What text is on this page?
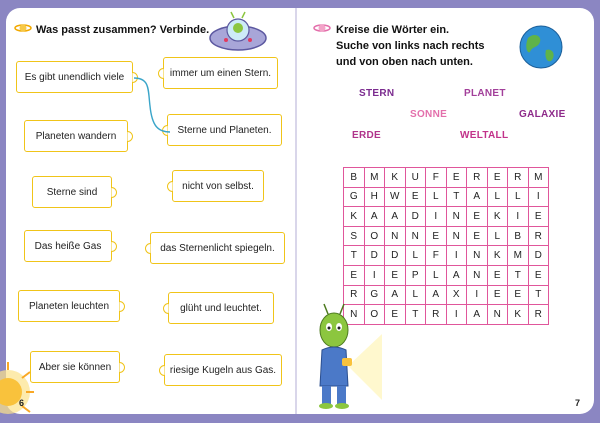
Was passt zusammen? Verbinde.
Es gibt unendlich viele
Planeten wandern
Sterne sind
Das heiße Gas
Planeten leuchten
Aber sie können
immer um einen Stern.
Sterne und Planeten.
nicht von selbst.
das Sternenlicht spiegeln.
glüht und leuchtet.
riesige Kugeln aus Gas.
6
Kreise die Wörter ein.
Suche von links nach rechts
und von oben nach unten.
STERN	PLANET
SONNE	GALAXIE
ERDE	WELTALL
B	M	K	U	F	E	R	E	R	M
G	H	W	E	L	T	A	L	L	I
K	A	A	D	I	N	E	K	I	E
S	O	N	N	E	N	E	L	B	R
T	D	D	L	F	I	N	K	M	D
E	I	E	P	L	A	N	E	T	E
R	G	A	L	A	X	I	E	E	T
N	O	E	T	R	I	A	N	K	R
7
